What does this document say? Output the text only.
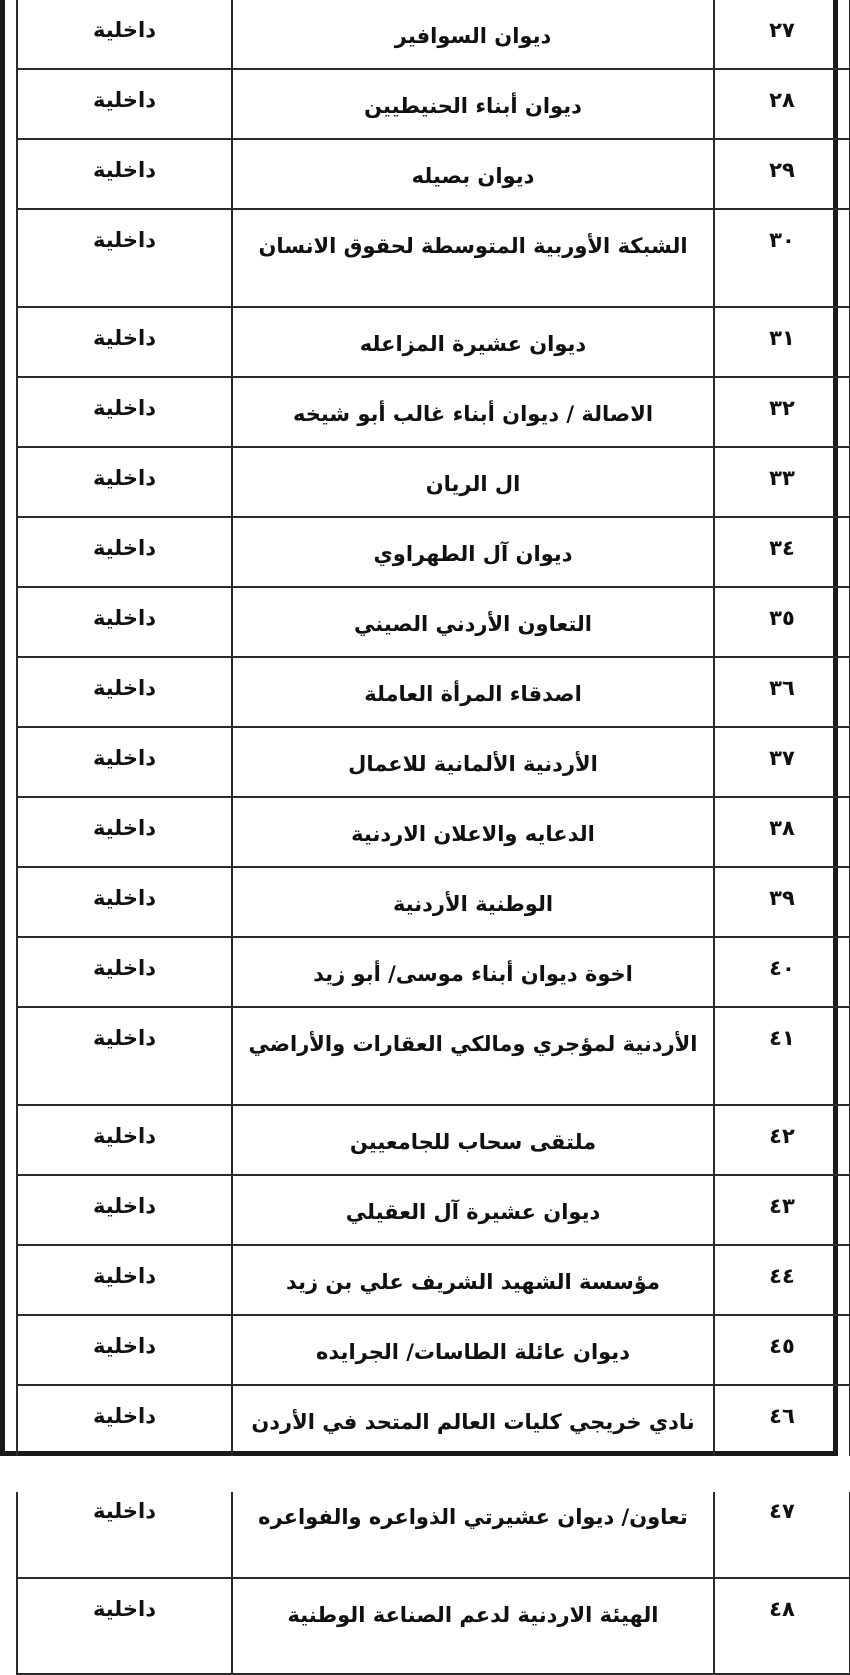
٢٧	ديوان السوافير	داخلية
٢٨	ديوان أبناء الحنيطيين	داخلية
٢٩	ديوان بصيله	داخلية
٣٠	الشبكة الأوربية المتوسطة لحقوق الانسان	داخلية
٣١	ديوان عشيرة المزاعله	داخلية
٣٢	الاصالة / ديوان أبناء غالب أبو شيخه	داخلية
٣٣	ال الريان	داخلية
٣٤	ديوان آل الطهراوي	داخلية
٣٥	التعاون الأردني الصيني	داخلية
٣٦	اصدقاء المرأة العاملة	داخلية
٣٧	الأردنية الألمانية للاعمال	داخلية
٣٨	الدعايه والاعلان الاردنية	داخلية
٣٩	الوطنية الأردنية	داخلية
٤٠	اخوة ديوان أبناء موسى/ أبو زيد	داخلية
٤١	الأردنية لمؤجري ومالكي العقارات والأراضي	داخلية
٤٢	ملتقى سحاب للجامعيين	داخلية
٤٣	ديوان عشيرة آل العقيلي	داخلية
٤٤	مؤسسة الشهيد الشريف علي بن زيد	داخلية
٤٥	ديوان عائلة الطاسات/ الجرايده	داخلية
٤٦	نادي خريجي كليات العالم المتحد في الأردن	داخلية
٤٧	تعاون/ ديوان عشيرتي الذواعره والفواعره	داخلية
٤٨	الهيئة الاردنية لدعم الصناعة الوطنية	داخلية
